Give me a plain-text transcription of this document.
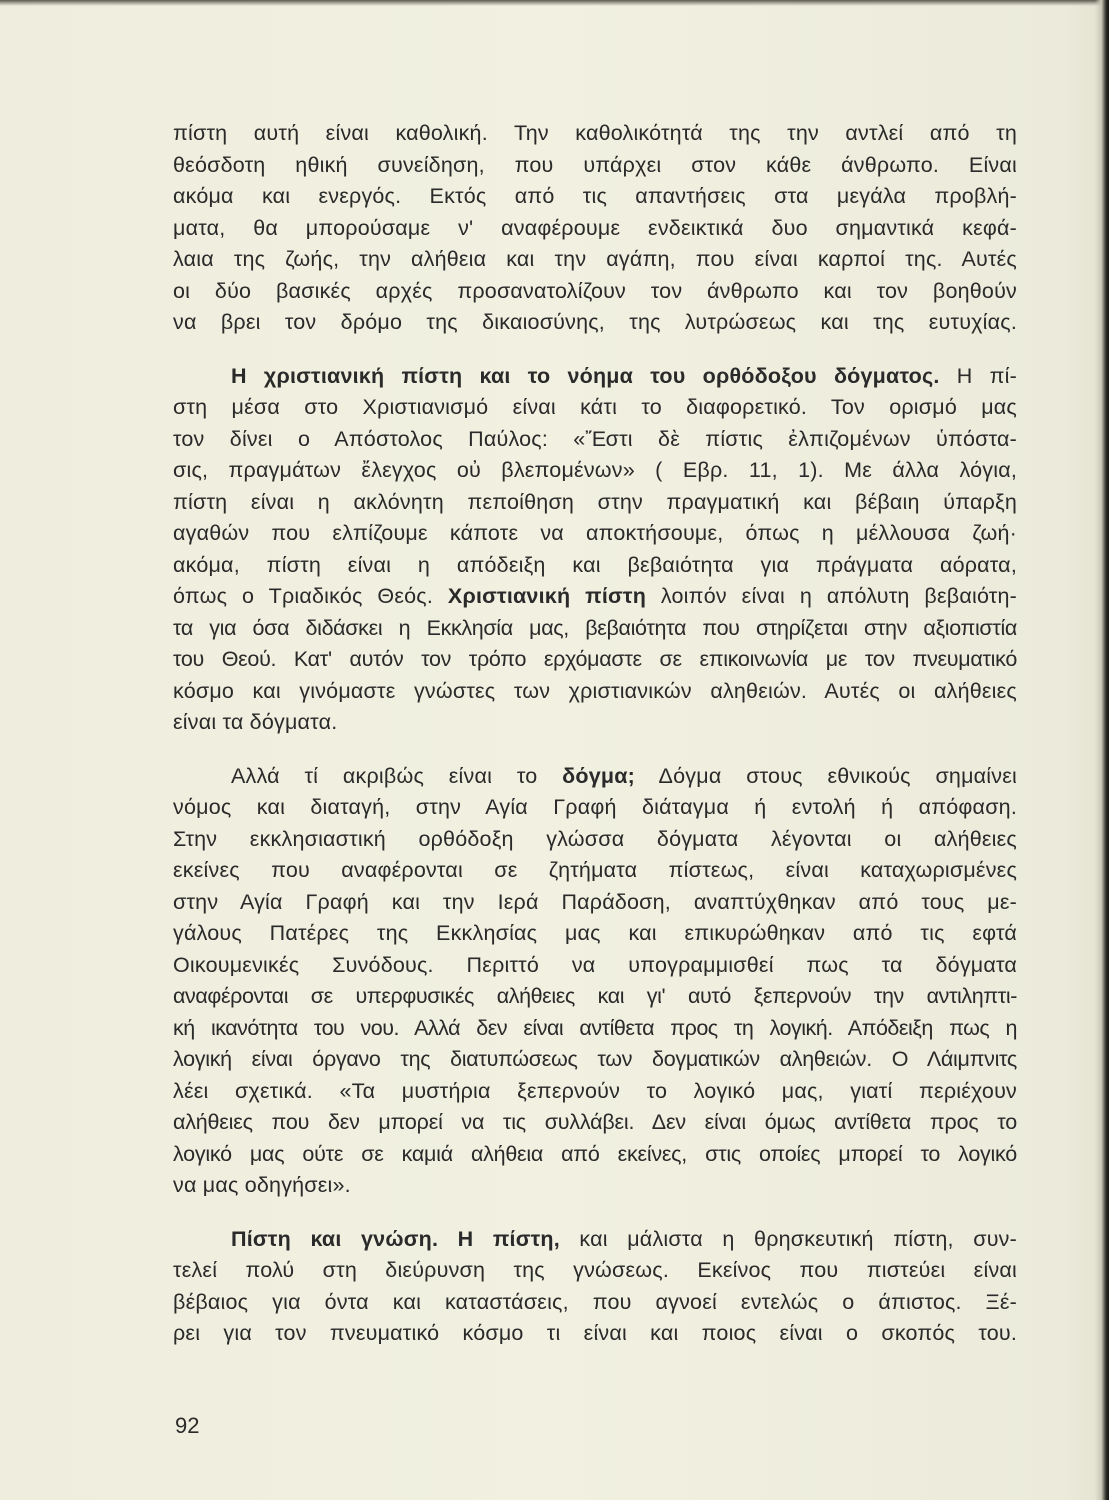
πίστη αυτή είναι καθολική. Την καθολικότητά της την αντλεί από τη
θεόσδοτη ηθική συνείδηση, που υπάρχει στον κάθε άνθρωπο. Είναι
ακόμα και ενεργός. Εκτός από τις απαντήσεις στα μεγάλα προβλή-
ματα, θα μπορούσαμε ν' αναφέρουμε ενδεικτικά δυο σημαντικά κεφά-
λαια της ζωής, την αλήθεια και την αγάπη, που είναι καρποί της. Αυτές
οι δύο βασικές αρχές προσανατολίζουν τον άνθρωπο και τον βοηθούν
να βρει τον δρόμο της δικαιοσύνης, της λυτρώσεως και της ευτυχίας.
Η χριστιανική πίστη και το νόημα του ορθόδοξου δόγματος. Η πί-
στη μέσα στο Χριστιανισμό είναι κάτι το διαφορετικό. Τον ορισμό μας
τον δίνει ο Απόστολος Παύλος: «Ἔστι δὲ πίστις ἐλπιζομένων ὑπόστα-
σις, πραγμάτων ἔλεγχος οὐ βλεπομένων» ( Εβρ. 11, 1). Με άλλα λόγια,
πίστη είναι η ακλόνητη πεποίθηση στην πραγματική και βέβαιη ύπαρξη
αγαθών που ελπίζουμε κάποτε να αποκτήσουμε, όπως η μέλλουσα ζωή·
ακόμα, πίστη είναι η απόδειξη και βεβαιότητα για πράγματα αόρατα,
όπως ο Τριαδικός Θεός. Χριστιανική πίστη λοιπόν είναι η απόλυτη βεβαιότη-
τα για όσα διδάσκει η Εκκλησία μας, βεβαιότητα που στηρίζεται στην αξιοπιστία
του Θεού. Κατ' αυτόν τον τρόπο ερχόμαστε σε επικοινωνία με τον πνευματικό
κόσμο και γινόμαστε γνώστες των χριστιανικών αληθειών. Αυτές οι αλήθειες
είναι τα δόγματα.
Αλλά τί ακριβώς είναι το δόγμα; Δόγμα στους εθνικούς σημαίνει
νόμος και διαταγή, στην Αγία Γραφή διάταγμα ή εντολή ή απόφαση.
Στην εκκλησιαστική ορθόδοξη γλώσσα δόγματα λέγονται οι αλήθειες
εκείνες που αναφέρονται σε ζητήματα πίστεως, είναι καταχωρισμένες
στην Αγία Γραφή και την Ιερά Παράδοση, αναπτύχθηκαν από τους με-
γάλους Πατέρες της Εκκλησίας μας και επικυρώθηκαν από τις εφτά
Οικουμενικές Συνόδους. Περιττό να υπογραμμισθεί πως τα δόγματα
αναφέρονται σε υπερφυσικές αλήθειες και γι' αυτό ξεπερνούν την αντιληπτι-
κή ικανότητα του νου. Αλλά δεν είναι αντίθετα προς τη λογική. Απόδειξη πως η
λογική είναι όργανο της διατυπώσεως των δογματικών αληθειών. Ο Λάιμπνιτς
λέει σχετικά. «Τα μυστήρια ξεπερνούν το λογικό μας, γιατί περιέχουν
αλήθειες που δεν μπορεί να τις συλλάβει. Δεν είναι όμως αντίθετα προς το
λογικό μας ούτε σε καμιά αλήθεια από εκείνες, στις οποίες μπορεί το λογικό
να μας οδηγήσει».
Πίστη και γνώση. Η πίστη, και μάλιστα η θρησκευτική πίστη, συν-
τελεί πολύ στη διεύρυνση της γνώσεως. Εκείνος που πιστεύει είναι
βέβαιος για όντα και καταστάσεις, που αγνοεί εντελώς ο άπιστος. Ξέ-
ρει για τον πνευματικό κόσμο τι είναι και ποιος είναι ο σκοπός του.
92
